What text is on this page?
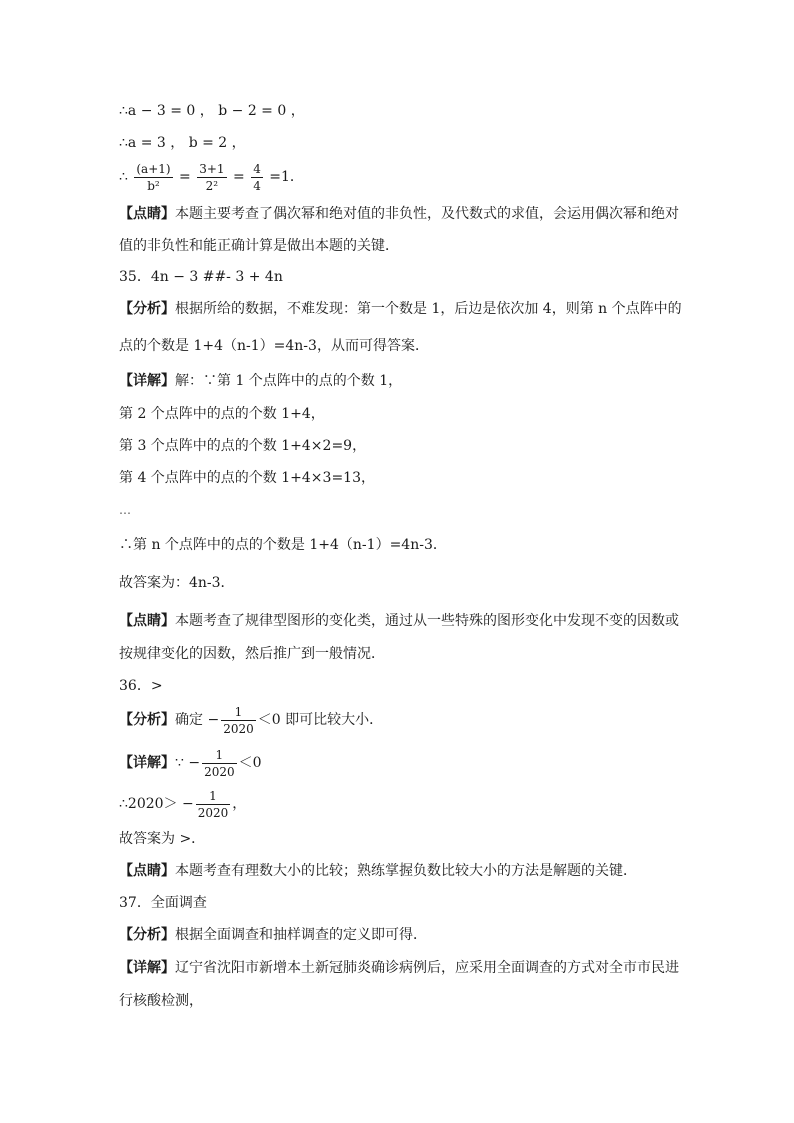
∴a − 3 = 0 ， b − 2 = 0 ，
∴a = 3 ， b = 2 ，
∴ $\frac{(a+1)}{\text{b²}} = \frac{3+1}{\text{2²}} = \frac{4}{4} =1$．
【点睛】本题主要考查了偶次幂和绝对值的非负性，及代数式的求值，会运用偶次幂和绝对
值的非负性和能正确计算是做出本题的关键．
35．4n − 3 ##- 3 + 4n
【分析】根据所给的数据，不难发现：第一个数是 1，后边是依次加 4，则第 n 个点阵中的
点的个数是 1+4（n-1）=4n-3，从而可得答案．
【详解】解：∵第 1 个点阵中的点的个数 1，
第 2 个点阵中的点的个数 1+4，
第 3 个点阵中的点的个数 1+4×2=9，
第 4 个点阵中的点的个数 1+4×3=13，
…
∴第 n 个点阵中的点的个数是 1+4（n-1）=4n-3．
故答案为：4n-3．
【点睛】本题考查了规律型图形的变化类，通过从一些特殊的图形变化中发现不变的因数或
按规律变化的因数，然后推广到一般情况．
36．>
【分析】确定 − $\frac{1}{2020} <0$ 即可比较大小．
【详解】∵ − $\frac{1}{2020} <0$
∴2020＞ − $\frac{1}{2020}$ ，
故答案为 >．
【点睛】本题考查有理数大小的比较；熟练掌握负数比较大小的方法是解题的关键．
37．全面调查
【分析】根据全面调查和抽样调查的定义即可得．
【详解】辽宁省沈阳市新增本土新冠肺炎确诊病例后，应采用全面调查的方式对全市市民进
行核酸检测，
